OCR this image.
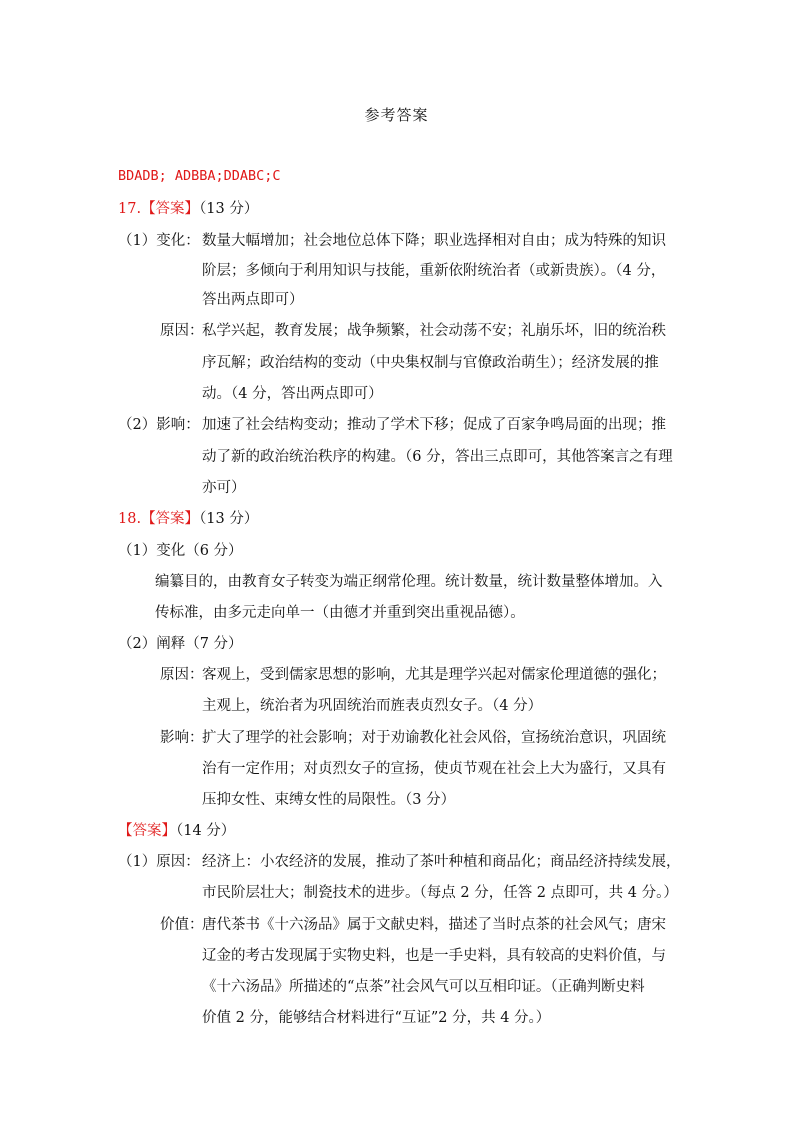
参考答案
BDADB; ADBBA;DDABC;C
17.【答案】（13 分）
（1）变化： 数量大幅增加；社会地位总体下降；职业选择相对自由；成为特殊的知识
阶层；多倾向于利用知识与技能，重新依附统治者（或新贵族）。（4 分，
答出两点即可）
原因：
私学兴起，教育发展；战争频繁，社会动荡不安；礼崩乐坏，旧的统治秩
序瓦解；政治结构的变动（中央集权制与官僚政治萌生）；经济发展的推
动。（4 分，答出两点即可）
（2）影响： 加速了社会结构变动；推动了学术下移；促成了百家争鸣局面的出现；推
动了新的政治统治秩序的构建。（6 分，答出三点即可，其他答案言之有理
亦可）
18.【答案】（13 分）
（1）变化（6 分）
编纂目的，由教育女子转变为端正纲常伦理。统计数量，统计数量整体增加。入
传标准，由多元走向单一（由德才并重到突出重视品德）。
（2）阐释（7 分）
原因：
客观上，受到儒家思想的影响，尤其是理学兴起对儒家伦理道德的强化；
主观上，统治者为巩固统治而旌表贞烈女子。（4 分）
影响：
扩大了理学的社会影响；对于劝谕教化社会风俗，宣扬统治意识，巩固统
治有一定作用；对贞烈女子的宣扬，使贞节观在社会上大为盛行，又具有
压抑女性、束缚女性的局限性。（3 分）
【答案】（14 分）
（1）原因： 经济上：小农经济的发展，推动了茶叶种植和商品化；商品经济持续发展，
市民阶层壮大；制瓷技术的进步。（每点 2 分，任答 2 点即可，共 4 分。）
价值：
唐代茶书《十六汤品》属于文献史料，描述了当时点茶的社会风气；唐宋
辽金的考古发现属于实物史料，也是一手史料，具有较高的史料价值，与
《十六汤品》所描述的“点茶”社会风气可以互相印证。（正确判断史料
价值 2 分，能够结合材料进行“互证”2 分，共 4 分。）
